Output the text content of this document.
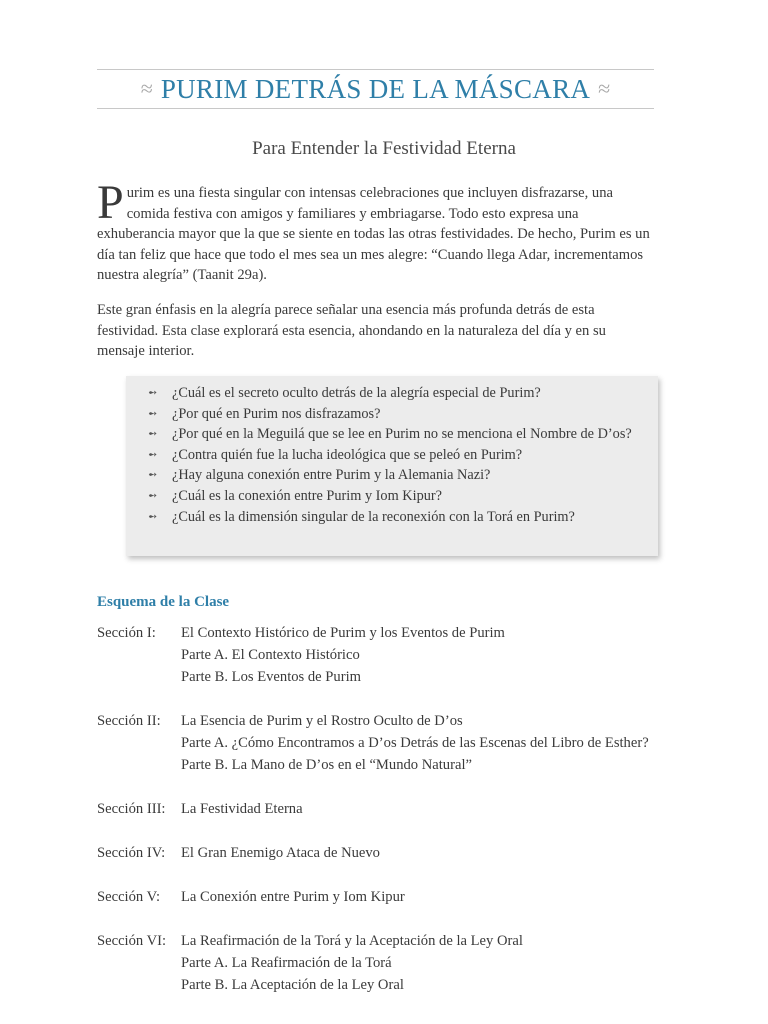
≈ PURIM DETRÁS DE LA MÁSCARA ≈
Para Entender la Festividad Eterna
Purim es una fiesta singular con intensas celebraciones que incluyen disfrazarse, una comida festiva con amigos y familiares y embriagarse. Todo esto expresa una exhuberancia mayor que la que se siente en todas las otras festividades. De hecho, Purim es un día tan feliz que hace que todo el mes sea un mes alegre: “Cuando llega Adar, incrementamos nuestra alegría” (Taanit 29a).
Este gran énfasis en la alegría parece señalar una esencia más profunda detrás de esta festividad. Esta clase explorará esta esencia, ahondando en la naturaleza del día y en su mensaje interior.
➻ ¿Cuál es el secreto oculto detrás de la alegría especial de Purim?
➻ ¿Por qué en Purim nos disfrazamos?
➻ ¿Por qué en la Meguilá que se lee en Purim no se menciona el Nombre de D’os?
➻ ¿Contra quién fue la lucha ideológica que se peleó en Purim?
➻ ¿Hay alguna conexión entre Purim y la Alemania Nazi?
➻ ¿Cuál es la conexión entre Purim y Iom Kipur?
➻ ¿Cuál es la dimensión singular de la reconexión con la Torá en Purim?
Esquema de la Clase
Sección I: El Contexto Histórico de Purim y los Eventos de Purim
Parte A. El Contexto Histórico
Parte B. Los Eventos de Purim
Sección II: La Esencia de Purim y el Rostro Oculto de D’os
Parte A. ¿Cómo Encontramos a D’os Detrás de las Escenas del Libro de Esther?
Parte B. La Mano de D’os en el “Mundo Natural”
Sección III: La Festividad Eterna
Sección IV: El Gran Enemigo Ataca de Nuevo
Sección V: La Conexión entre Purim y Iom Kipur
Sección VI: La Reafirmación de la Torá y la Aceptación de la Ley Oral
Parte A. La Reafirmación de la Torá
Parte B. La Aceptación de la Ley Oral
